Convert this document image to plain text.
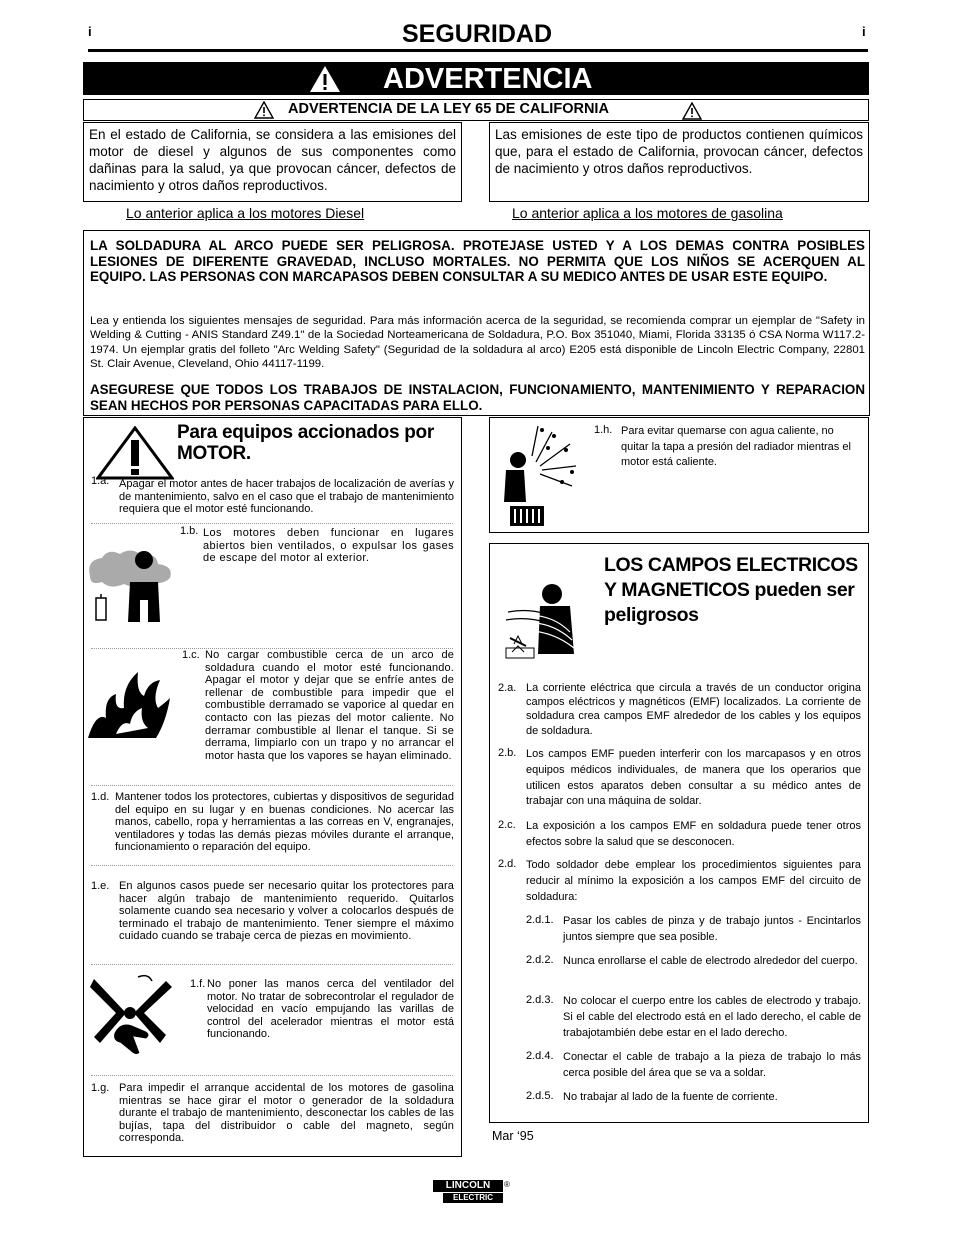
i	i
SEGURIDAD
ADVERTENCIA
ADVERTENCIA DE LA LEY 65 DE CALIFORNIA
En el estado de California, se considera a las emisiones del motor de diesel y algunos de sus componentes como dañinas para la salud, ya que provocan cáncer, defectos de nacimiento y otros daños reproductivos.
Las emisiones de este tipo de productos contienen químicos que, para el estado de California, provocan cáncer, defectos de nacimiento y otros daños reproductivos.
Lo anterior aplica a los motores Diesel	Lo anterior aplica a los motores de gasolina
LA SOLDADURA AL ARCO PUEDE SER PELIGROSA. PROTEJASE USTED Y A LOS DEMAS CONTRA POSIBLES LESIONES DE DIFERENTE GRAVEDAD, INCLUSO MORTALES. NO PERMITA QUE LOS NIÑOS SE ACERQUEN AL EQUIPO. LAS PERSONAS CON MARCAPASOS DEBEN CONSULTAR A SU MEDICO ANTES DE USAR ESTE EQUIPO.
Lea y entienda los siguientes mensajes de seguridad. Para más información acerca de la seguridad, se recomienda comprar un ejemplar de "Safety in Welding & Cutting - ANIS Standard Z49.1" de la Sociedad Norteamericana de Soldadura, P.O. Box 351040, Miami, Florida 33135 ó CSA Norma W117.2-1974. Un ejemplar gratis del folleto "Arc Welding Safety" (Seguridad de la soldadura al arco) E205 está disponible de Lincoln Electric Company, 22801 St. Clair Avenue, Cleveland, Ohio 44117-1199.
ASEGURESE QUE TODOS LOS TRABAJOS DE INSTALACION, FUNCIONAMIENTO, MANTENIMIENTO Y REPARACION SEAN HECHOS POR PERSONAS CAPACITADAS PARA ELLO.
Para equipos accionados por MOTOR.
1.a. Apagar el motor antes de hacer trabajos de localización de averías y de mantenimiento, salvo en el caso que el trabajo de mantenimiento requiera que el motor esté funcionando.
1.b. Los motores deben funcionar en lugares abiertos bien ventilados, o expulsar los gases de escape del motor al exterior.
1.c. No cargar combustible cerca de un arco de soldadura cuando el motor esté funcionando. Apagar el motor y dejar que se enfríe antes de rellenar de combustible para impedir que el combustible derramado se vaporice al quedar en contacto con las piezas del motor caliente. No derramar combustible al llenar el tanque. Si se derrama, limpiarlo con un trapo y no arrancar el motor hasta que los vapores se hayan eliminado.
1.d. Mantener todos los protectores, cubiertas y dispositivos de seguridad del equipo en su lugar y en buenas condiciones. No acercar las manos, cabello, ropa y herramientas a las correas en V, engranajes, ventiladores y todas las demás piezas móviles durante el arranque, funcionamiento o reparación del equipo.
1.e. En algunos casos puede ser necesario quitar los protectores para hacer algún trabajo de mantenimiento requerido. Quitarlos solamente cuando sea necesario y volver a colocarlos después de terminado el trabajo de mantenimiento. Tener siempre el máximo cuidado cuando se trabaje cerca de piezas en movimiento.
1.f. No poner las manos cerca del ventilador del motor. No tratar de sobrecontrolar el regulador de velocidad en vacío empujando las varillas de control del acelerador mientras el motor está funcionando.
1.g. Para impedir el arranque accidental de los motores de gasolina mientras se hace girar el motor o generador de la soldadura durante el trabajo de mantenimiento, desconectar los cables de las bujías, tapa del distribuidor o cable del magneto, según corresponda.
1.h. Para evitar quemarse con agua caliente, no quitar la tapa a presión del radiador mientras el motor está caliente.
LOS CAMPOS ELECTRICOS Y MAGNETICOS pueden ser peligrosos
2.a. La corriente eléctrica que circula a través de un conductor origina campos eléctricos y magnéticos (EMF) localizados. La corriente de soldadura crea campos EMF alrededor de los cables y los equipos de soldadura.
2.b. Los campos EMF pueden interferir con los marcapasos y en otros equipos médicos individuales, de manera que los operarios que utilicen estos aparatos deben consultar a su médico antes de trabajar con una máquina de soldar.
2.c. La exposición a los campos EMF en soldadura puede tener otros efectos sobre la salud que se desconocen.
2.d. Todo soldador debe emplear los procedimientos siguientes para reducir al mínimo la exposición a los campos EMF del circuito de soldadura:
2.d.1. Pasar los cables de pinza y de trabajo juntos - Encintarlos juntos siempre que sea posible.
2.d.2. Nunca enrollarse el cable de electrodo alrededor del cuerpo.
2.d.3. No colocar el cuerpo entre los cables de electrodo y trabajo. Si el cable del electrodo está en el lado derecho, el cable de trabajotambién debe estar en el lado derecho.
2.d.4. Conectar el cable de trabajo a la pieza de trabajo lo más cerca posible del área que se va a soldar.
2.d.5. No trabajar al lado de la fuente de corriente.
Mar ‘95
LINCOLN	®
ELECTRIC
